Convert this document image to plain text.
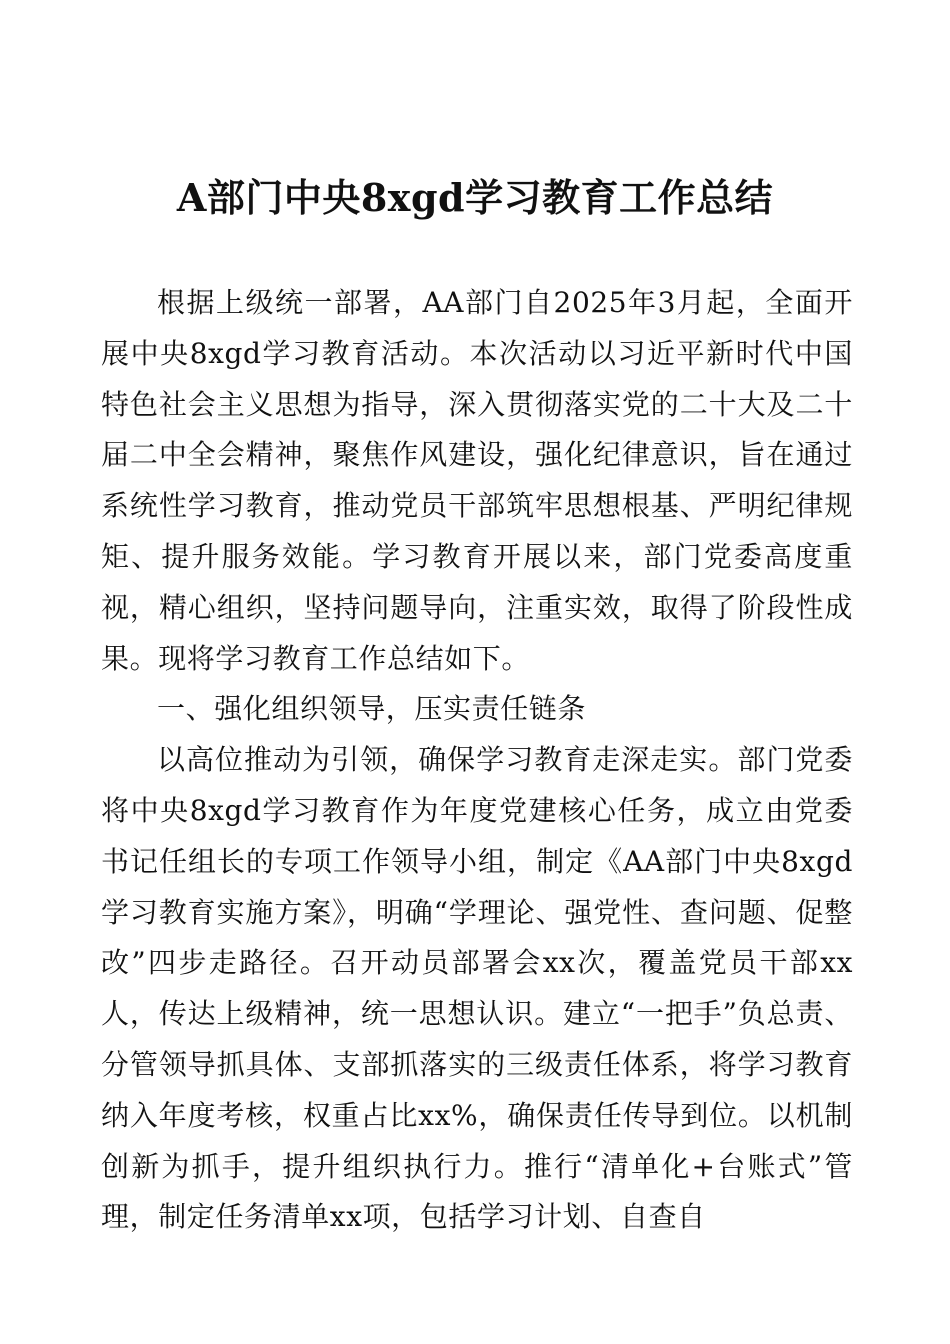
A部门中央8xgd学习教育工作总结

根据上级统一部署，AA部门自2025年3月起，全面开展中央8xgd学习教育活动。本次活动以习近平新时代中国特色社会主义思想为指导，深入贯彻落实党的二十大及二十届二中全会精神，聚焦作风建设，强化纪律意识，旨在通过系统性学习教育，推动党员干部筑牢思想根基、严明纪律规矩、提升服务效能。学习教育开展以来，部门党委高度重视，精心组织，坚持问题导向，注重实效，取得了阶段性成果。现将学习教育工作总结如下。

一、强化组织领导，压实责任链条

以高位推动为引领，确保学习教育走深走实。部门党委将中央8xgd学习教育作为年度党建核心任务，成立由党委书记任组长的专项工作领导小组，制定《AA部门中央8xgd学习教育实施方案》，明确“学理论、强党性、查问题、促整改”四步走路径。召开动员部署会xx次，覆盖党员干部xx人，传达上级精神，统一思想认识。建立“一把手”负总责、分管领导抓具体、支部抓落实的三级责任体系，将学习教育纳入年度考核，权重占比xx%，确保责任传导到位。以机制创新为抓手，提升组织执行力。推行“清单化+台账式”管理，制定任务清单xx项，包括学习计划、自查自
